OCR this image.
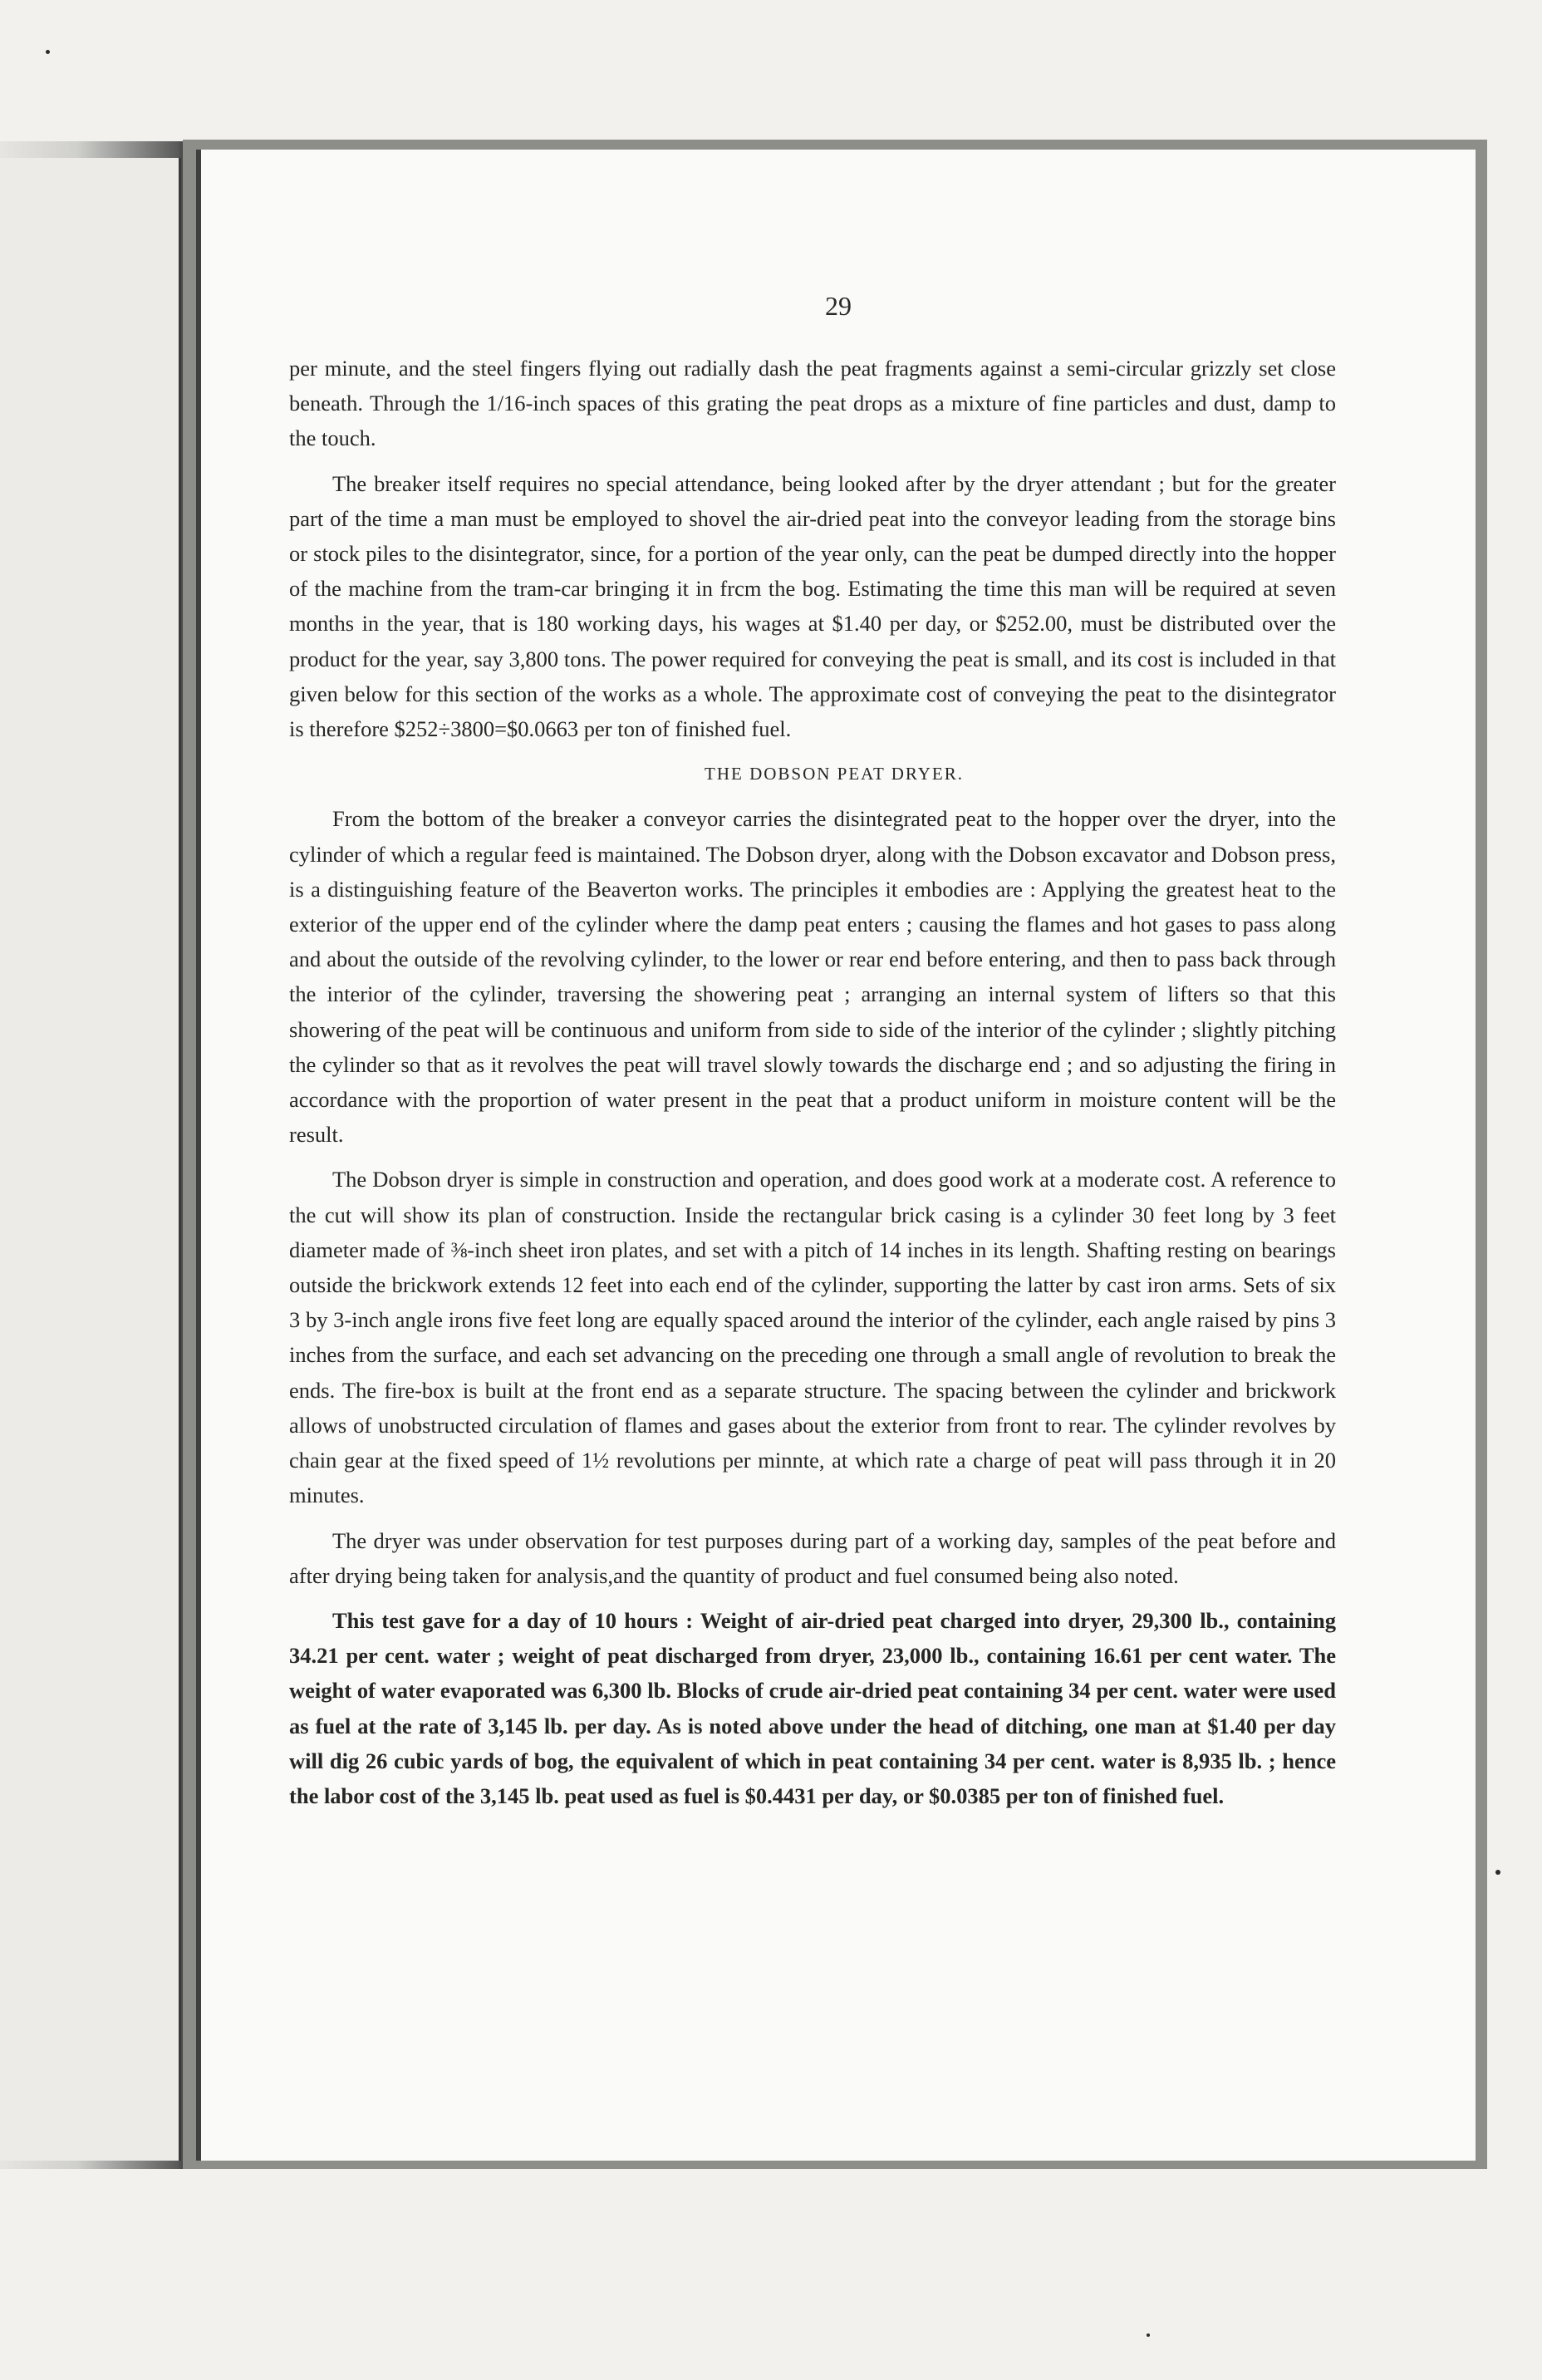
29

per minute, and the steel fingers flying out radially dash the peat fragments against a semi-circular grizzly set close beneath. Through the 1/16-inch spaces of this grating the peat drops as a mixture of fine particles and dust, damp to the touch.

The breaker itself requires no special attendance, being looked after by the dryer attendant ; but for the greater part of the time a man must be employed to shovel the air-dried peat into the conveyor leading from the storage bins or stock piles to the disintegrator, since, for a portion of the year only, can the peat be dumped directly into the hopper of the machine from the tram-car bringing it in frcm the bog. Estimating the time this man will be required at seven months in the year, that is 180 working days, his wages at $1.40 per day, or $252.00, must be distributed over the product for the year, say 3,800 tons. The power required for conveying the peat is small, and its cost is included in that given below for this section of the works as a whole. The approximate cost of conveying the peat to the disintegrator is therefore $252÷3800=$0.0663 per ton of finished fuel.

THE DOBSON PEAT DRYER.

From the bottom of the breaker a conveyor carries the disintegrated peat to the hopper over the dryer, into the cylinder of which a regular feed is maintained. The Dobson dryer, along with the Dobson excavator and Dobson press, is a distinguishing feature of the Beaverton works. The principles it embodies are : Applying the greatest heat to the exterior of the upper end of the cylinder where the damp peat enters ; causing the flames and hot gases to pass along and about the outside of the revolving cylinder, to the lower or rear end before entering, and then to pass back through the interior of the cylinder, traversing the showering peat ; arranging an internal system of lifters so that this showering of the peat will be continuous and uniform from side to side of the interior of the cylinder ; slightly pitching the cylinder so that as it revolves the peat will travel slowly towards the discharge end ; and so adjusting the firing in accordance with the proportion of water present in the peat that a product uniform in moisture content will be the result.

The Dobson dryer is simple in construction and operation, and does good work at a moderate cost. A reference to the cut will show its plan of construction. Inside the rectangular brick casing is a cylinder 30 feet long by 3 feet diameter made of ⅜-inch sheet iron plates, and set with a pitch of 14 inches in its length. Shafting resting on bearings outside the brickwork extends 12 feet into each end of the cylinder, supporting the latter by cast iron arms. Sets of six 3 by 3-inch angle irons five feet long are equally spaced around the interior of the cylinder, each angle raised by pins 3 inches from the surface, and each set advancing on the preceding one through a small angle of revolution to break the ends. The fire-box is built at the front end as a separate structure. The spacing between the cylinder and brickwork allows of unobstructed circulation of flames and gases about the exterior from front to rear. The cylinder revolves by chain gear at the fixed speed of 1½ revolutions per minnte, at which rate a charge of peat will pass through it in 20 minutes.

The dryer was under observation for test purposes during part of a working day, samples of the peat before and after drying being taken for analysis,and the quantity of product and fuel consumed being also noted.

This test gave for a day of 10 hours : Weight of air-dried peat charged into dryer, 29,300 lb., containing 34.21 per cent. water ; weight of peat discharged from dryer, 23,000 lb., containing 16.61 per cent water. The weight of water evaporated was 6,300 lb. Blocks of crude air-dried peat containing 34 per cent. water were used as fuel at the rate of 3,145 lb. per day. As is noted above under the head of ditching, one man at $1.40 per day will dig 26 cubic yards of bog, the equivalent of which in peat containing 34 per cent. water is 8,935 lb. ; hence the labor cost of the 3,145 lb. peat used as fuel is $0.4431 per day, or $0.0385 per ton of finished fuel.
